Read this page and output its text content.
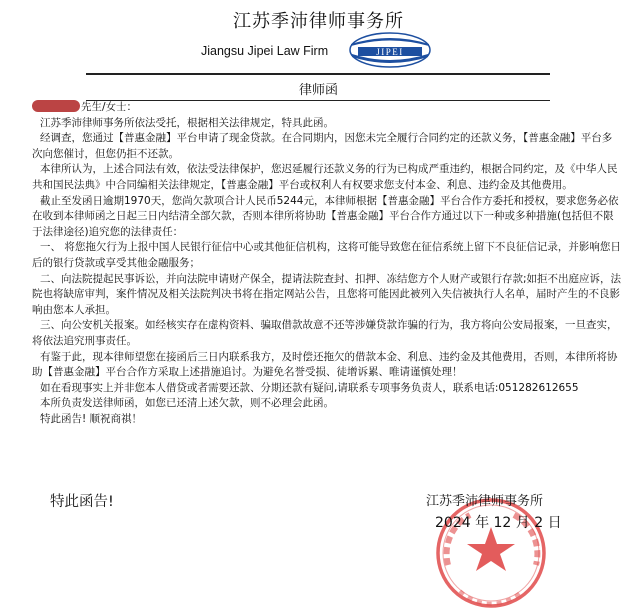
江苏季沛律师事务所
Jiangsu Jipei Law Firm	JIPEI
律师函

先生/女士：

江苏季沛律师事务所依法受托，根据相关法律规定，特具此函。

经调查，您通过【普惠金融】平台申请了现金贷款。在合同期内，因您未完全履行合同约定的还款义务，【普惠金融】平台多次向您催讨，但您仍拒不还款。

本律所认为，上述合同法有效，依法受法律保护，您迟延履行还款义务的行为已构成严重违约，根据合同约定，及《中华人民共和国民法典》中合同编相关法律规定，【普惠金融】平台或权利人有权要求您支付本金、利息、违约金及其他费用。

截止至发函日逾期1970天，您尚欠款项合计人民币5244元，本律师根据【普惠金融】平台合作方委托和授权，要求您务必依在收到本律师函之日起三日内结清全部欠款，否则本律所将协助【普惠金融】平台合作方通过以下一种或多种措施(包括但不限于法律途径)追究您的法律责任：

一、 将您拖欠行为上报中国人民银行征信中心或其他征信机构，这将可能导致您在征信系统上留下不良征信记录，并影响您日后的银行贷款或享受其他金融服务；

二、向法院提起民事诉讼，并向法院申请财产保全，提请法院查封、扣押、冻结您方个人财产或银行存款;如拒不出庭应诉，法院也将缺席审判，案件情况及相关法院判决书将在指定网站公告，且您将可能因此被列入失信被执行人名单，届时产生的不良影响由您本人承担。

三、向公安机关报案。如经核实存在虚构资料、骗取借款故意不还等涉嫌贷款诈骗的行为，我方将向公安局报案，一旦查实，将依法追究刑事责任。

有鉴于此，现本律师望您在接函后三日内联系我方，及时偿还拖欠的借款本金、利息、违约金及其他费用，否则，本律所将协助【普惠金融】平台合作方采取上述措施追讨。为避免名誉受损、徒增诉累、唯请谨慎处理！

如在看现事实上并非您本人借贷或者需要还款、分期还款有疑问,请联系专项事务负责人，联系电话:051282612655

本所负责发送律师函，如您已还清上述欠款，则不必理会此函。

特此函告! 顺祝商祺！

特此函告!	江苏季沛律师事务所
2024 年 12 月 2 日
